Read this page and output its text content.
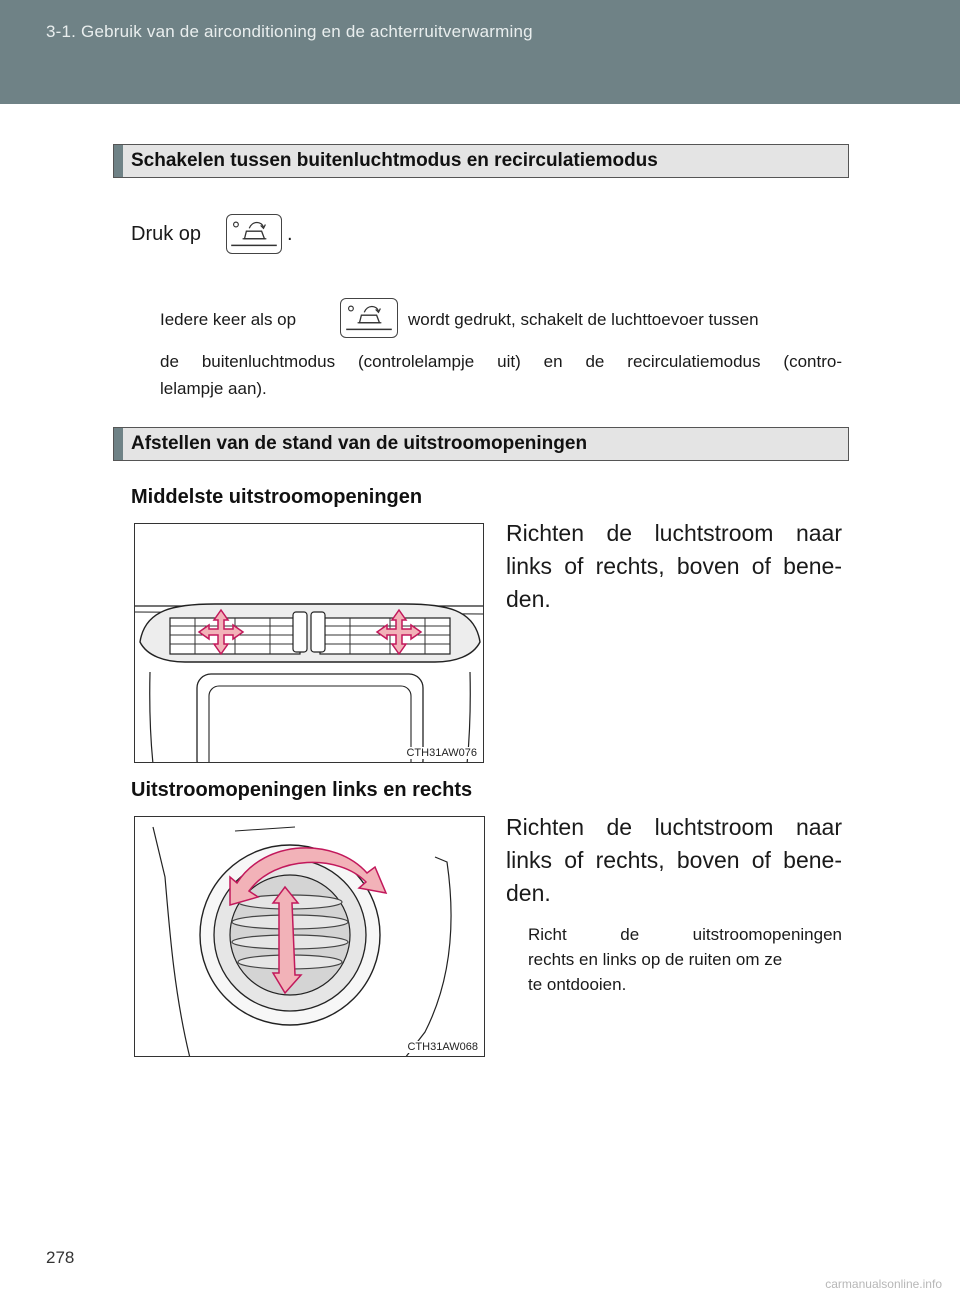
3-1. Gebruik van de airconditioning en de achterruitverwarming
Schakelen tussen buitenluchtmodus en recirculatiemodus
Druk op	.
Iedere keer als op	wordt gedrukt, schakelt de luchttoevoer tussen
de buitenluchtmodus (controlelampje uit) en de recirculatiemodus (contro-
lelampje aan).
Afstellen van de stand van de uitstroomopeningen
Middelste uitstroomopeningen
Richten de luchtstroom naar
links of rechts, boven of bene-
den.
CTH31AW076
Uitstroomopeningen links en rechts
Richten de luchtstroom naar
links of rechts, boven of bene-
den.
Richt de uitstroomopeningen
rechts en links op de ruiten om ze
te ontdooien.
CTH31AW068
278
carmanualsonline.info
